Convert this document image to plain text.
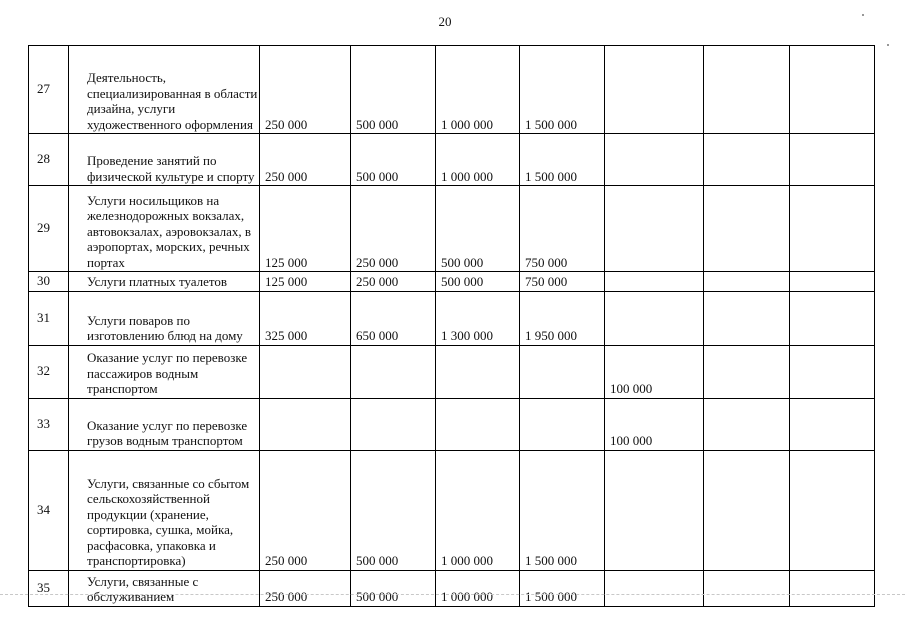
20
27	Деятельность, специализированная в области дизайна, услуги художественного оформления	250 000	500 000	1 000 000	1 500 000			
28	Проведение занятий по физической культуре и спорту	250 000	500 000	1 000 000	1 500 000			
29	Услуги носильщиков на железнодорожных вокзалах, автовокзалах, аэровокзалах, в аэропортах, морских, речных портах	125 000	250 000	500 000	750 000			
30	Услуги платных туалетов	125 000	250 000	500 000	750 000			
31	Услуги поваров по изготовлению блюд на дому	325 000	650 000	1 300 000	1 950 000			
32	Оказание услуг по перевозке пассажиров водным транспортом					100 000		
33	Оказание услуг по перевозке грузов водным транспортом					100 000		
34	Услуги, связанные со сбытом сельскохозяйственной продукции (хранение, сортировка, сушка, мойка, расфасовка, упаковка и транспортировка)	250 000	500 000	1 000 000	1 500 000			
35	Услуги, связанные с обслуживанием	250 000	500 000	1 000 000	1 500 000			
